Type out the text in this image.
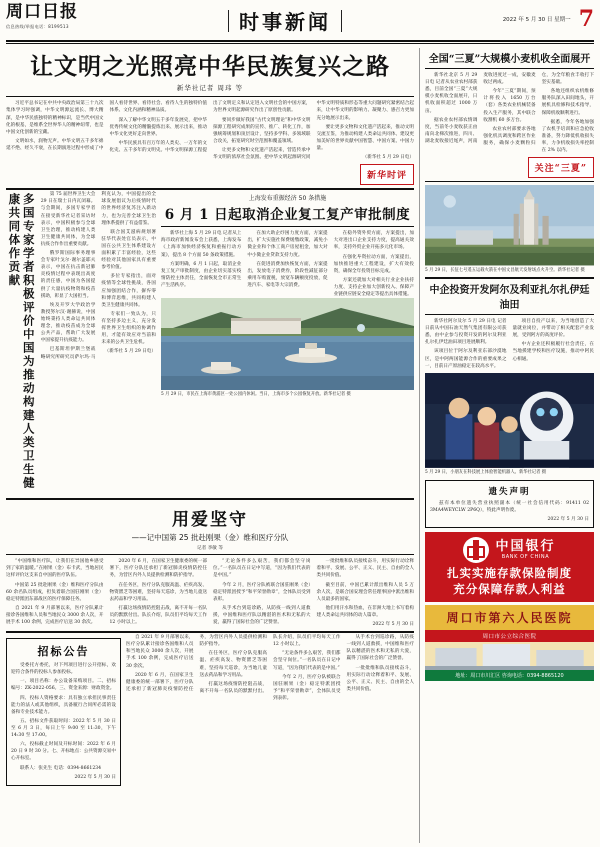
周口日报
信息热线/举报电话：8199513	时事新闻	2022 年 5 月 30 日 星期一 7
让文明之光照亮中华民族复兴之路
新华社记者 周玮 等

习近平总书记在中共中央政治局第三十九次集体学习时强调，中华文明源远流长、博大精深，是中华民族独特的精神标识，是当代中国文化的根基，是维系全世界华人的精神纽带，也是中国文化创新的宝藏。

文明如水，润物无声。中华文明五千多年绵延不绝、经久不衰，在长期演进过程中形成了中国人看待世界、看待社会、看待人生的独特价值体系、文化内涵和精神品质。

深入了解中华文明五千多年发展史，把中华优秀传统文化的精髓提炼出来、展示出来，推动中华文化更好走向世界。

中华民族具有百万年的人类史、一万年的文化史、五千多年的文明史。中华文明探源工程提出了文明定义和认定进入文明社会的中国方案，为世界文明起源研究作出了原创性贡献。

要同步做好我国“古代文明理论”和中华文明探源工程研究成果的宣传、推广、转化工作，加强统筹规划和顶层设计，坚持多学科、多领域联合攻关，拓宽研究时空范围和覆盖领域。

让更多文物和文化遗产活起来，营造传承中华文明的浓厚社会氛围。把中华文明起源研究同中华文明特质和形态等重大问题研究紧密结合起来，让中华文明的影响力、凝聚力、感召力更加充分地展示出来。

要让更多文物和文化遗产活起来，推动文明交流互鉴，为推动构建人类命运共同体、建设更加美好的世界贡献中国智慧、中国方案、中国力量。

（新华社 5 月 29 日电）
新华时评
多国专家学者积极评价中国为推动构建人类卫生健康共同体作贡献	第 75 届世界卫生大会 29 日在瑞士日内瓦闭幕。与会期间，多国专家学者在接受新华社记者采访时表示，中国积极参与全球卫生治理，推动构建人类卫生健康共同体，为全球抗疫合作作出重要贡献。

俄罗斯国际事务理事会专家叶戈尔·谢尔盖耶夫表示，中国在抗击新冠肺炎疫情过程中表现出高度的责任感，中国为各国提供了大量抗疫物资和疫苗援助，彰显了大国担当。

埃及开罗大学政治学教授努尔汉·谢赫说，中国始终秉持人类命运共同体理念，推动疫苗成为全球公共产品，帮助广大发展中国家提升抗疫能力。

巴基斯坦伊斯兰堡战略研究所研究员萨尔玛·马利克认为，中国提出的全球发展倡议为后疫情时代的世界经济复苏注入新动力，也为完善全球卫生治理体系提供了有益借鉴。

联合国艾滋病规划署驻华代表处官员表示，中国在公共卫生体系建设方面积累了丰富经验，这些经验对其他国家具有重要参考价值。

多位专家指出，面对疫情等全球性挑战，各国应加强团结合作，摒弃零和博弈思维，共同构建人类卫生健康共同体。

专家们一致认为，只有坚持多边主义，充分发挥世界卫生组织的协调作用，才能有效应对当前和未来的公共卫生危机。

（新华社 5 月 29 日电）
上海发布重振经济 50 条措施
6 月 1 日起取消企业复工复产审批制度

新华社上海 5 月 29 日电 记者从上海市政府新闻发布会上获悉，上海发布《上海市加快经济恢复和重振行动方案》，提出 8 个方面 50 条政策措施。

方案明确，6 月 1 日起，取消企业复工复产审批制度，由企业切实落实疫情防控主体责任，全面恢复全市正常生产生活秩序。

在加大助企纾困力度方面，方案提出，扩大实施社保费缓缴政策，减免小微企业和个体工商户房屋租金，加大对中小微企业贷款支持力度。

在促进消费加快恢复方面，方案提出，发放电子消费券，阶段性减征部分乘用车购置税，放宽车辆额度投放，促进汽车、家电等大宗消费。

在稳外资外贸方面，方案提出，加大对进出口企业支持力度，提高通关效率，支持外贸企业开拓多元化市场。

在强化투资拉动方面，方案提出，加快推进重大工程建设，扩大有效投资，确保全年投资目标完成。

方案还就加大对相关行业企业扶持力度、支持企业加大创新投入、保障产业链供应链安全稳定等提出具体措施。

5 月 29 日，市民在上海市黄浦区一处公园内休闲。当日，上海市多个公园恢复开放。新华社记者 摄
用爱坚守
——记中国第 25 批赴刚果（金）维和医疗分队
记者 李敏 等

“中国维和医疗队，让我们在异国他乡感受到了家的温暖。”在刚果（金）布卡武，当地居民这样评价这支来自中国的医疗队伍。

中国第 25 批赴刚果（金）维和医疗分队由 60 余名队员组成，担负着联合国驻刚果（金）稳定特派团东部战区的医疗保障任务。

自 2021 年 9 月部署以来，医疗分队累计接诊各国维和人员和当地民众 3000 余人次，开展手术 100 余例，完成医疗后送 30 余次。

2020 年 6 月，在国家卫生健康委的统一部署下，医疗分队还承担了新冠肺炎疫情防控任务，为营区内外人员提供检测和防护指导。

在任务区，医疗分队克服高温、疟疾高发、物资匮乏等困难，坚持每天巡诊，为当地儿童送去药品和学习用品。

打赢这场疫情防控阻击战，离不开每一名队员的默默付出。队长介绍，队员们平均每天工作 12 小时以上。

“无论条件多么艰苦，我们都会坚守岗位。”一名队员在日记中写道，“因为我们代表的是中国。”

今年 2 月，医疗分队被联合国驻刚果（金）稳定特派团授予“和平荣誉勋章”，全体队员受到表彰。

从手术台到巡诊路，从防疫一线到人道救援，中国维和医疗队以精湛的医术和无私的大爱，赢得了国际社会的广泛赞誉。

一批批维和队员接续奋斗，用实际行动诠释着和平、发展、公平、正义、民主、自由的全人类共同价值。

截至目前，中国已累计派出维和人员 5 万余人次，是联合国安理会常任理事国中派出维和人员最多的国家。

他们用汗水和热血，在非洲大地上书写着构建人类命运共同体的动人篇章。

2022 年 5 月 30 日
招标公告

受委托方委托，对下列项目进行公开招标，欢迎符合条件的投标人参加投标。

一、项目名称：办公设备采购项目。二、招标编号：ZK-2022-056。三、资金来源：财政资金。

四、投标人资格要求：具有独立承担民事责任能力的法人或其他组织，具备履行合同所必需的设备和专业技术能力。

五、招标文件获取时间：2022 年 5 月 30 日至 6 月 3 日，每日上午 9:00 至 11:30，下午 14:30 至 17:00。

六、投标截止时间及开标时间：2022 年 6 月 20 日 9 时 30 分。七、开标地点：公共资源交易中心开标室。

联系人：张先生 电话：0394-8661234

2022 年 5 月 30 日

自 2021 年 9 月部署以来，医疗分队累计接诊各国维和人员和当地民众 3000 余人次，开展手术 100 余例，完成医疗后送 30 余次。

2020 年 6 月，在国家卫生健康委的统一部署下，医疗分队还承担了新冠肺炎疫情防控任务，为营区内外人员提供检测和防护指导。

在任务区，医疗分队克服高温、疟疾高发、物资匮乏等困难，坚持每天巡诊，为当地儿童送去药品和学习用品。

打赢这场疫情防控阻击战，离不开每一名队员的默默付出。队长介绍，队员们平均每天工作 12 小时以上。

“无论条件多么艰苦，我们都会坚守岗位。”一名队员在日记中写道，“因为我们代表的是中国。”

今年 2 月，医疗分队被联合国驻刚果（金）稳定特派团授予“和平荣誉勋章”，全体队员受到表彰。

从手术台到巡诊路，从防疫一线到人道救援，中国维和医疗队以精湛的医术和无私的大爱，赢得了国际社会的广泛赞誉。

一批批维和队员接续奋斗，用实际行动诠释着和平、发展、公平、正义、民主、自由的全人类共同价值。

全国“三夏”大规模小麦机收全面展开

新华社北京 5 月 29 日电 记者从农业农村部获悉，目前全国“三夏”大规模小麦机收全面展开，日机收面积超过 1000 万亩。

据农业农村部农情调度，当前冬小麦收获正由南向北梯次推进，四川、湖北麦收接近尾声，河南麦收进度过一成，安徽麦收过两成。

今年“三夏”期间，预计将投入 1650 万台（套）各类农业机械装备投入生产服务，其中联合收割机 60 多万台。

农业农村部要求各地强化机具调度和跨区作业服务，确保小麦颗粒归仓，为全年粮食丰收打下坚实基础。

各地还组织农机维修服务队深入田间地头，开展机具检修和技术指导，保障机收顺利进行。

据悉，今年各地加强了农机手培训和应急抢收准备，努力降低机收损失率，力争机收损失率控制在 2% 以内。

关注“三夏”
5 月 29 日，长征七号遥五运载火箭在中国文昌航天发射场点火升空。新华社记者 摄
中企投资开发阿尔及利亚扎尔扎伊廷油田

新华社阿尔及尔 5 月 29 日电 记者日前从中国石油天然气集团有限公司获悉，由中企参与投资开发的阿尔及利亚扎尔扎伊廷油田项目进展顺利。

该项目位于阿尔及利亚东部沙漠地区，是中阿两国能源合作的重要成果之一，目前日产原油稳定在较高水平。

项目自投产以来，为当地创造了大量就业岗位，并带动了相关配套产业发展，受到阿方的高度评价。

中方企业还积极履行社会责任，在当地援建学校和医疗设施，推动中阿民心相通。

5 月 29 日，小朋友在科技展上体验智能机器人。新华社记者 摄
遗失声明

兹有本单位遗失营业执照副本（统一社会信用代码：91411 02 3MA4WEYCLW 2P6Q），特此声明作废。

2022 年 5 月 30 日
中国银行
BANK OF CHINA
扎实实施存款保险制度
充分保障存款人利益
周口市第六人民医院
周口市公立综合医院
地址：周口市川汇区 咨询电话：0394-8865120
